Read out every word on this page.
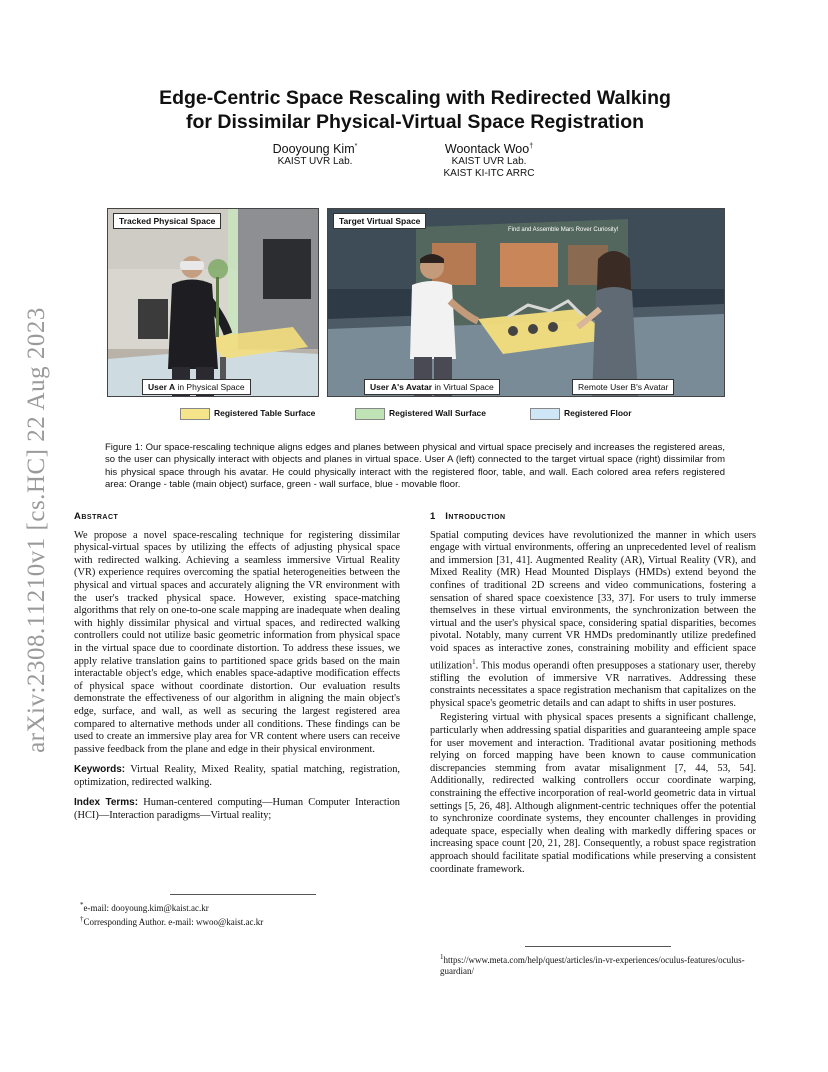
arXiv:2308.11210v1 [cs.HC] 22 Aug 2023
Edge-Centric Space Rescaling with Redirected Walking
for Dissimilar Physical-Virtual Space Registration
Dooyoung Kim*
KAIST UVR Lab.
Woontack Woo†
KAIST UVR Lab.
KAIST KI-ITC ARRC
Tracked Physical Space
User A in Physical Space
Find and Assemble Mars Rover Curiosity!
Target Virtual Space
User A's Avatar in Virtual Space	Remote User B's Avatar
Registered Table Surface	Registered Wall Surface	Registered Floor
Figure 1: Our space-rescaling technique aligns edges and planes between physical and virtual space precisely and increases the registered areas, so the user can physically interact with objects and planes in virtual space. User A (left) connected to the target virtual space (right) dissimilar from his physical space through his avatar. He could physically interact with the registered floor, table, and wall. Each colored area refers registered area: Orange - table (main object) surface, green - wall surface, blue - movable floor.
Abstract

We propose a novel space-rescaling technique for registering dissimilar physical-virtual spaces by utilizing the effects of adjusting physical space with redirected walking. Achieving a seamless immersive Virtual Reality (VR) experience requires overcoming the spatial heterogeneities between the physical and virtual spaces and accurately aligning the VR environment with the user's tracked physical space. However, existing space-matching algorithms that rely on one-to-one scale mapping are inadequate when dealing with highly dissimilar physical and virtual spaces, and redirected walking controllers could not utilize basic geometric information from physical space in the virtual space due to coordinate distortion. To address these issues, we apply relative translation gains to partitioned space grids based on the main interactable object's edge, which enables space-adaptive modification effects of physical space without coordinate distortion. Our evaluation results demonstrate the effectiveness of our algorithm in aligning the main object's edge, surface, and wall, as well as securing the largest registered area compared to alternative methods under all conditions. These findings can be used to create an immersive play area for VR content where users can receive passive feedback from the plane and edge in their physical environment.

Keywords: Virtual Reality, Mixed Reality, spatial matching, registration, optimization, redirected walking.

Index Terms: Human-centered computing—Human Computer Interaction (HCI)—Interaction paradigms—Virtual reality;

*e-mail: dooyoung.kim@kaist.ac.kr
†Corresponding Author. e-mail: wwoo@kaist.ac.kr
1 Introduction

Spatial computing devices have revolutionized the manner in which users engage with virtual environments, offering an unprecedented level of realism and immersion [31, 41]. Augmented Reality (AR), Virtual Reality (VR), and Mixed Reality (MR) Head Mounted Displays (HMDs) extend beyond the confines of traditional 2D screens and video communications, fostering a sensation of shared space coexistence [33, 37]. For users to truly immerse themselves in these virtual environments, the synchronization between the virtual and the user's physical space, considering spatial disparities, becomes pivotal. Notably, many current VR HMDs predominantly utilize predefined void spaces as interactive zones, constraining mobility and efficient space utilization$^1$. This modus operandi often presupposes a stationary user, thereby stifling the evolution of immersive VR narratives. Addressing these constraints necessitates a space registration mechanism that capitalizes on the physical space's geometric details and can adapt to shifts in user postures.

Registering virtual with physical spaces presents a significant challenge, particularly when addressing spatial disparities and guaranteeing ample space for user movement and interaction. Traditional avatar positioning methods relying on forced mapping have been known to cause communication discrepancies stemming from avatar misalignment [7, 44, 53, 54]. Additionally, redirected walking controllers occur coordinate warping, constraining the effective incorporation of real-world geometric data in virtual settings [5, 26, 48]. Although alignment-centric techniques offer the potential to synchronize coordinate systems, they encounter challenges in providing adequate space, especially when dealing with markedly differing spaces or increasing space count [20, 21, 28]. Consequently, a robust space registration approach should facilitate spatial modifications while preserving a consistent coordinate framework.

$^1$https://www.meta.com/help/quest/articles/in-vr-experiences/oculus-features/oculus-guardian/
